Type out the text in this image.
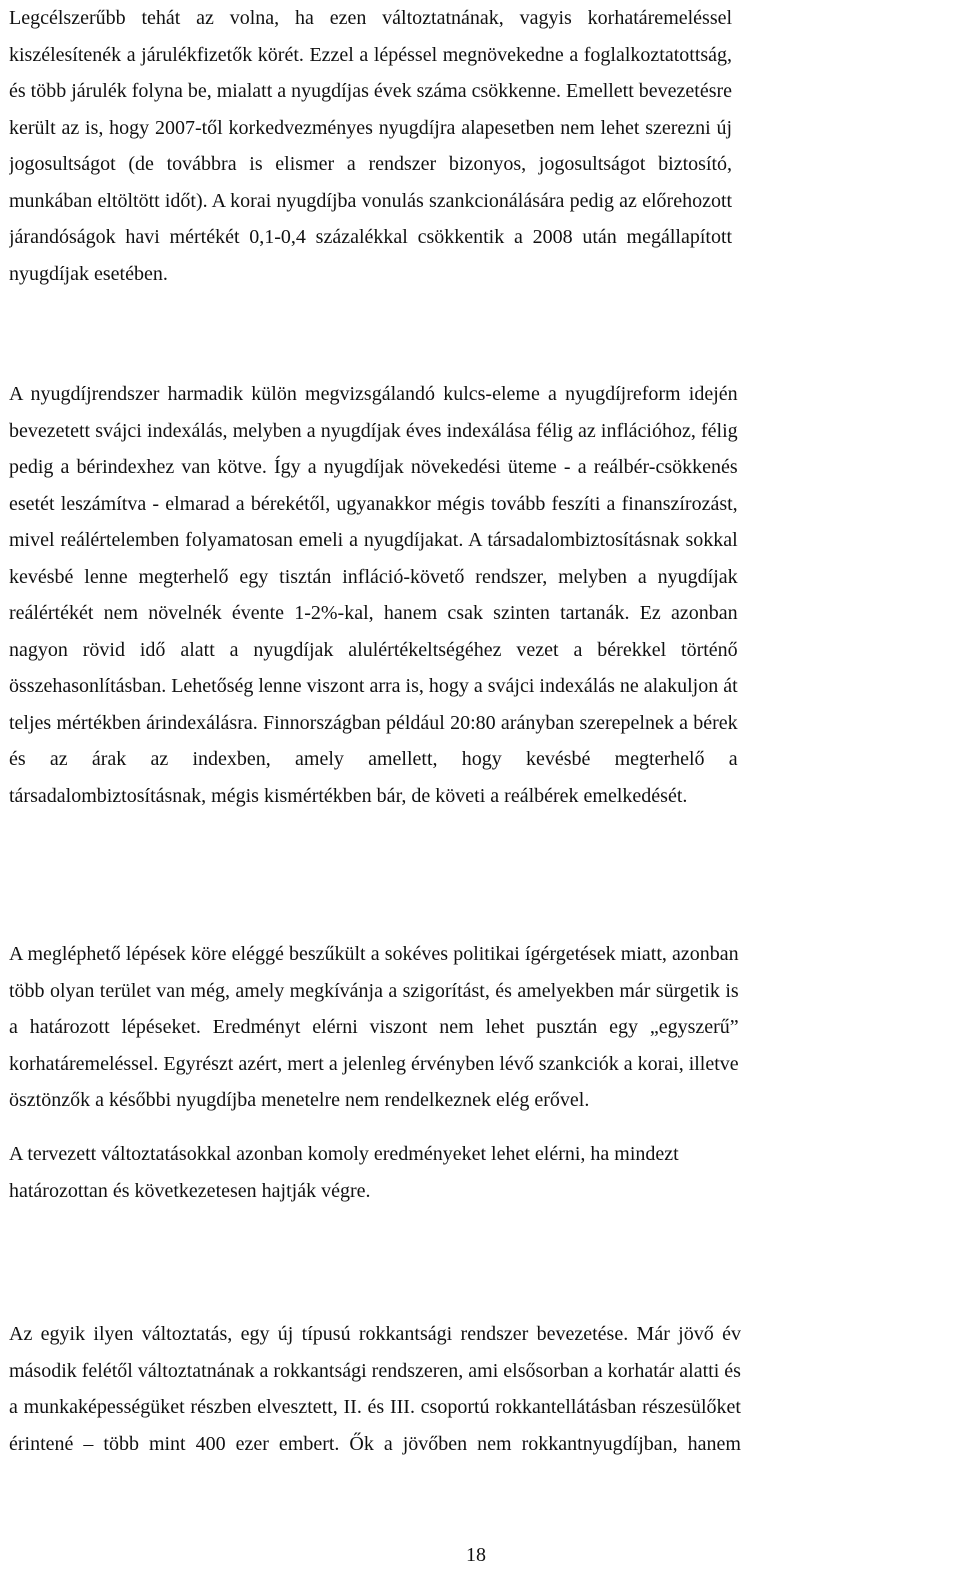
Legcélszerűbb tehát az volna, ha ezen változtatnának, vagyis korhatáremeléssel
kiszélesítenék a járulékfizetők körét. Ezzel a lépéssel megnövekedne a foglalkoztatottság,
és több járulék folyna be, mialatt a nyugdíjas évek száma csökkenne. Emellett bevezetésre
került az is, hogy 2007-től korkedvezményes nyugdíjra alapesetben nem lehet szerezni új
jogosultságot (de továbbra is elismer a rendszer bizonyos, jogosultságot biztosító,
munkában eltöltött időt). A korai nyugdíjba vonulás szankcionálására pedig az előrehozott
járandóságok havi mértékét 0,1-0,4 százalékkal csökkentik a 2008 után megállapított
nyugdíjak esetében.
A nyugdíjrendszer harmadik külön megvizsgálandó kulcs-eleme a nyugdíjreform idején
bevezetett svájci indexálás, melyben a nyugdíjak éves indexálása félig az inflációhoz, félig
pedig a bérindexhez van kötve. Így a nyugdíjak növekedési üteme - a reálbér-csökkenés
esetét leszámítva - elmarad a bérekétől, ugyanakkor mégis tovább feszíti a finanszírozást,
mivel reálértelemben folyamatosan emeli a nyugdíjakat. A társadalombiztosításnak sokkal
kevésbé lenne megterhelő egy tisztán infláció-követő rendszer, melyben a nyugdíjak
reálértékét nem növelnék évente 1-2%-kal, hanem csak szinten tartanák. Ez azonban
nagyon rövid idő alatt a nyugdíjak alulértékeltségéhez vezet a bérekkel történő
összehasonlításban. Lehetőség lenne viszont arra is, hogy a svájci indexálás ne alakuljon át
teljes mértékben árindexálásra. Finnországban például 20:80 arányban szerepelnek a bérek
és az árak az indexben, amely amellett, hogy kevésbé megterhelő a
társadalombiztosításnak, mégis kismértékben bár, de követi a reálbérek emelkedését.
A megléphető lépések köre eléggé beszűkült a sokéves politikai ígérgetések miatt, azonban
több olyan terület van még, amely megkívánja a szigorítást, és amelyekben már sürgetik is
a határozott lépéseket. Eredményt elérni viszont nem lehet pusztán egy „egyszerű”
korhatáremeléssel. Egyrészt azért, mert a jelenleg érvényben lévő szankciók a korai, illetve
ösztönzők a későbbi nyugdíjba menetelre nem rendelkeznek elég erővel.
A tervezett változtatásokkal azonban komoly eredményeket lehet elérni, ha mindezt
határozottan és következetesen hajtják végre.
Az egyik ilyen változtatás, egy új típusú rokkantsági rendszer bevezetése. Már jövő év
második felétől változtatnának a rokkantsági rendszeren, ami elsősorban a korhatár alatti és
a munkaképességüket részben elvesztett, II. és III. csoportú rokkantellátásban részesülőket
érintené – több mint 400 ezer embert. Ők a jövőben nem rokkantnyugdíjban, hanem
18
